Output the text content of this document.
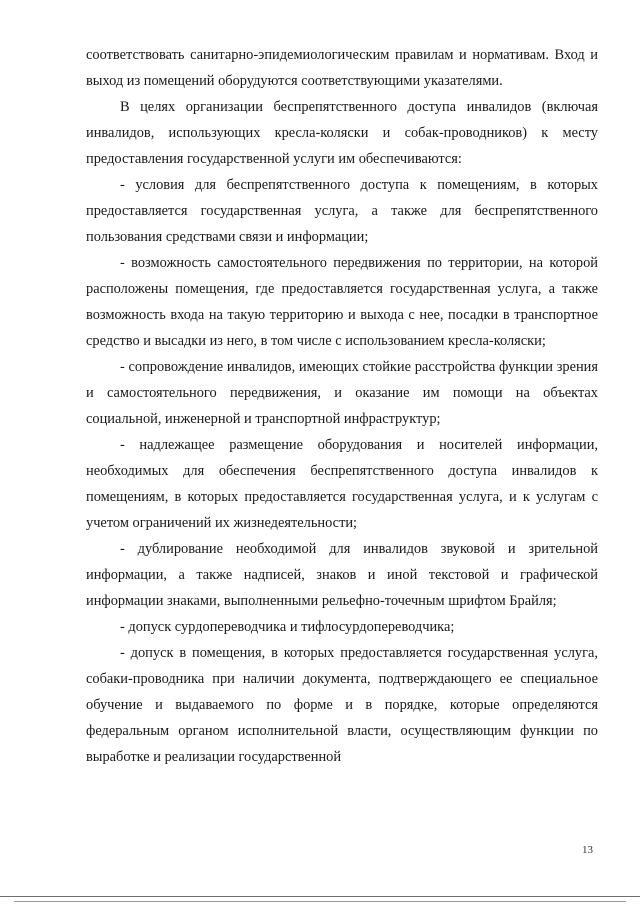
соответствовать санитарно-эпидемиологическим правилам и нормативам. Вход и выход из помещений оборудуются соответствующими указателями.

В целях организации беспрепятственного доступа инвалидов (включая инвалидов, использующих кресла-коляски и собак-проводников) к месту предоставления государственной услуги им обеспечиваются:

- условия для беспрепятственного доступа к помещениям, в которых предоставляется государственная услуга, а также для беспрепятственного пользования средствами связи и информации;

- возможность самостоятельного передвижения по территории, на которой расположены помещения, где предоставляется государственная услуга, а также возможность входа на такую территорию и выхода с нее, посадки в транспортное средство и высадки из него, в том числе с использованием кресла-коляски;

- сопровождение инвалидов, имеющих стойкие расстройства функции зрения и самостоятельного передвижения, и оказание им помощи на объектах социальной, инженерной и транспортной инфраструктур;

- надлежащее размещение оборудования и носителей информации, необходимых для обеспечения беспрепятственного доступа инвалидов к помещениям, в которых предоставляется государственная услуга, и к услугам с учетом ограничений их жизнедеятельности;

- дублирование необходимой для инвалидов звуковой и зрительной информации, а также надписей, знаков и иной текстовой и графической информации знаками, выполненными рельефно-точечным шрифтом Брайля;

- допуск сурдопереводчика и тифлосурдопереводчика;

- допуск в помещения, в которых предоставляется государственная услуга, собаки-проводника при наличии документа, подтверждающего ее специальное обучение и выдаваемого по форме и в порядке, которые определяются федеральным органом исполнительной власти, осуществляющим функции по выработке и реализации государственной

13
